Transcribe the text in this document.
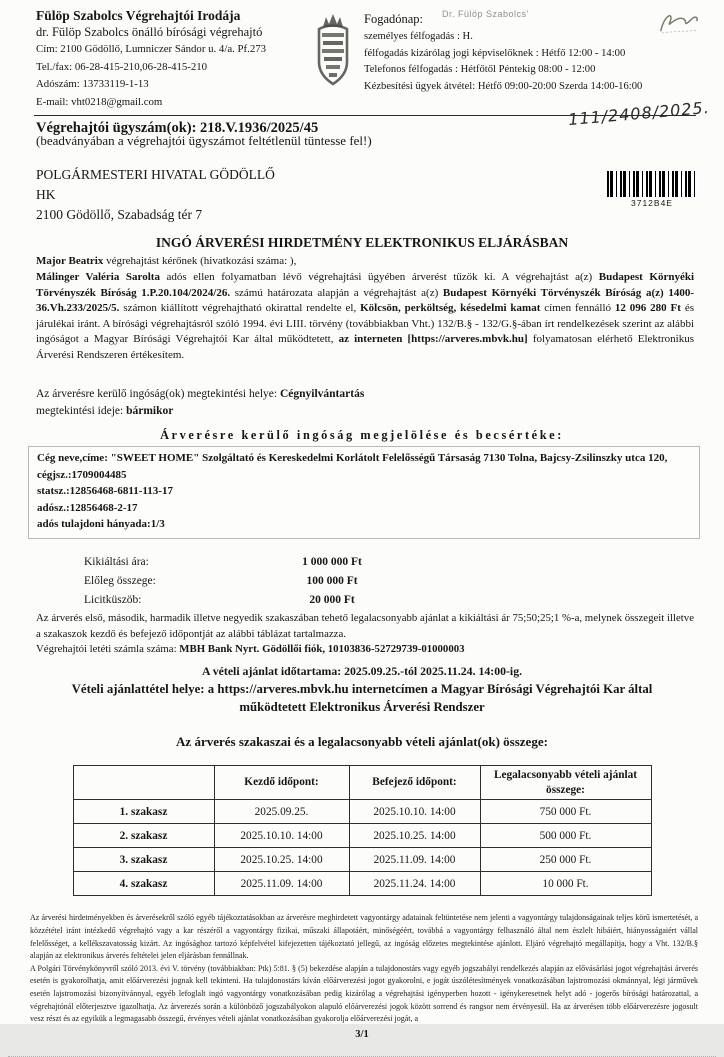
Fülöp Szabolcs Végrehajtói Irodája
dr. Fülöp Szabolcs önálló bírósági végrehajtó
Cím: 2100 Gödöllő, Lumniczer Sándor u. 4/a. Pf.273
Tel./fax: 06-28-415-210,06-28-415-210
Adószám: 13733119-1-13
E-mail: vht0218@gmail.com
Dr. Fülöp Szabolcs'
Fogadónap:
személyes félfogadás : H.
félfogadás kizárólag jogi képviselőknek : Hétfő 12:00 - 14:00
Telefonos félfogadás : Hétfőtől Péntekig 08:00 - 12:00
Kézbesítési ügyek átvétel: Hétfő 09:00-20:00 Szerda 14:00-16:00
Végrehajtói ügyszám(ok): 218.V.1936/2025/45	111/2408/2025.
(beadványában a végrehajtói ügyszámot feltétlenül tüntesse fel!)
POLGÁRMESTERI HIVATAL GÖDÖLLŐ
HK
2100 Gödöllő, Szabadság tér 7
3712B4E
INGÓ ÁRVERÉSI HIRDETMÉNY ELEKTRONIKUS ELJÁRÁSBAN
Major Beatrix végrehajtást kérőnek (hivatkozási száma: ),
Málinger Valéria Sarolta adós ellen folyamatban lévő végrehajtási ügyében árverést tűzök ki. A végrehajtást a(z) Budapest Környéki Törvényszék Bíróság 1.P.20.104/2024/26. számú határozata alapján a végrehajtást a(z) Budapest Környéki Törvényszék Bíróság a(z) 1400-36.Vh.233/2025/5. számon kiállított végrehajtható okirattal rendelte el, Kölcsön, perköltség, késedelmi kamat címen fennálló 12 096 280 Ft és járulékai iránt. A bírósági végrehajtásról szóló 1994. évi LIII. törvény (továbbiakban Vht.) 132/B.§ - 132/G.§-ában írt rendelkezések szerint az alábbi ingóságot a Magyar Bírósági Végrehajtói Kar által működtetett, az interneten [https://arveres.mbvk.hu] folyamatosan elérhető Elektronikus Árverési Rendszeren értékesítem.
Az árverésre kerülő ingóság(ok) megtekintési helye: Cégnyilvántartás
megtekintési ideje: bármikor
Árverésre kerülő ingóság megjelölése és becsértéke:
Cég neve,címe: "SWEET HOME" Szolgáltató és Kereskedelmi Korlátolt Felelősségű Társaság 7130 Tolna, Bajcsy-Zsilinszky utca 120,
cégjsz.:1709004485
statsz.:12856468-6811-113-17
adósz.:12856468-2-17
adós tulajdoni hányada:1/3
Kikiáltási ára:	1 000 000 Ft
Előleg összege:	100 000 Ft
Licitküszöb:	20 000 Ft
Az árverés első, második, harmadik illetve negyedik szakaszában tehető legalacsonyabb ajánlat a kikiáltási ár 75;50;25;1 %-a, melynek összegeit illetve a szakaszok kezdő és befejező időpontját az alábbi táblázat tartalmazza.
Végrehajtói letéti számla száma: MBH Bank Nyrt. Gödöllői fiók, 10103836-52729739-01000003
A vételi ajánlat időtartama: 2025.09.25.-tól 2025.11.24. 14:00-ig.
Vételi ajánlattétel helye: a https://arveres.mbvk.hu internetcímen a Magyar Bírósági Végrehajtói Kar által működtetett Elektronikus Árverési Rendszer
Az árverés szakaszai és a legalacsonyabb vételi ajánlat(ok) összege:
	Kezdő időpont:	Befejező időpont:	Legalacsonyabb vételi ajánlat összege:
1. szakasz	2025.09.25.	2025.10.10. 14:00	750 000 Ft.
2. szakasz	2025.10.10. 14:00	2025.10.25. 14:00	500 000 Ft.
3. szakasz	2025.10.25. 14:00	2025.11.09. 14:00	250 000 Ft.
4. szakasz	2025.11.09. 14:00	2025.11.24. 14:00	10 000 Ft.

Az árverési hirdetményekben és árverésekről szóló egyéb tájékoztatásokban az árverésre meghirdetett vagyontárgy adatainak feltüntetése nem jelenti a vagyontárgy tulajdonságainak teljes körű ismertetését, a közzététel iránt intézkedő végrehajtó vagy a kar részéről a vagyontárgy fizikai, műszaki állapotáért, minőségéért, továbbá a vagyontárgy felhasználó által nem észlelt hibáiért, hiányosságaiért vállal felelősséget, a kellékszavatosság kizárt. Az ingósághoz tartozó képfelvétel kifejezetten tájékoztató jellegű, az ingóság előzetes megtekintése ajánlott. Eljáró végrehajtó megállapítja, hogy a Vht. 132/B.§ alapján az elektronikus árverés feltételei jelen eljárásban fennállnak.

A Polgári Törvénykönyvről szóló 2013. évi V. törvény (továbbiakban: Ptk) 5:81. § (5) bekezdése alapján a tulajdonostárs vagy egyéb jogszabályi rendelkezés alapján az elővásárlási jogot végrehajtási árverés esetén is gyakorolhatja, amit előárverezési jognak kell tekinteni. Ha tulajdonostárs kíván előárverezési jogot gyakorolni, e jogát úszólétesítmények vonatkozásában lajstromozási okmánnyal, légi járművek esetén lajstromozási bizonyítvánnyal, egyéb lefoglalt ingó vagyontárgy vonatkozásában pedig kizárólag a végrehajtási igényperben hozott - igénykeresetnek helyt adó - jogerős bírósági határozattal, a végrehajtónál előterjesztve igazolhatja. Az árverezés során a különböző jogszabályokon alapuló előárverezési jogok között sorrend és rangsor nem érvényesül. Ha az árverésen több előárverezésre jogosult vesz részt és az egyikük a legmagasabb összegű, érvényes vételi ajánlat vonatkozásában gyakorolja előárverezési jogát, a

3/1
